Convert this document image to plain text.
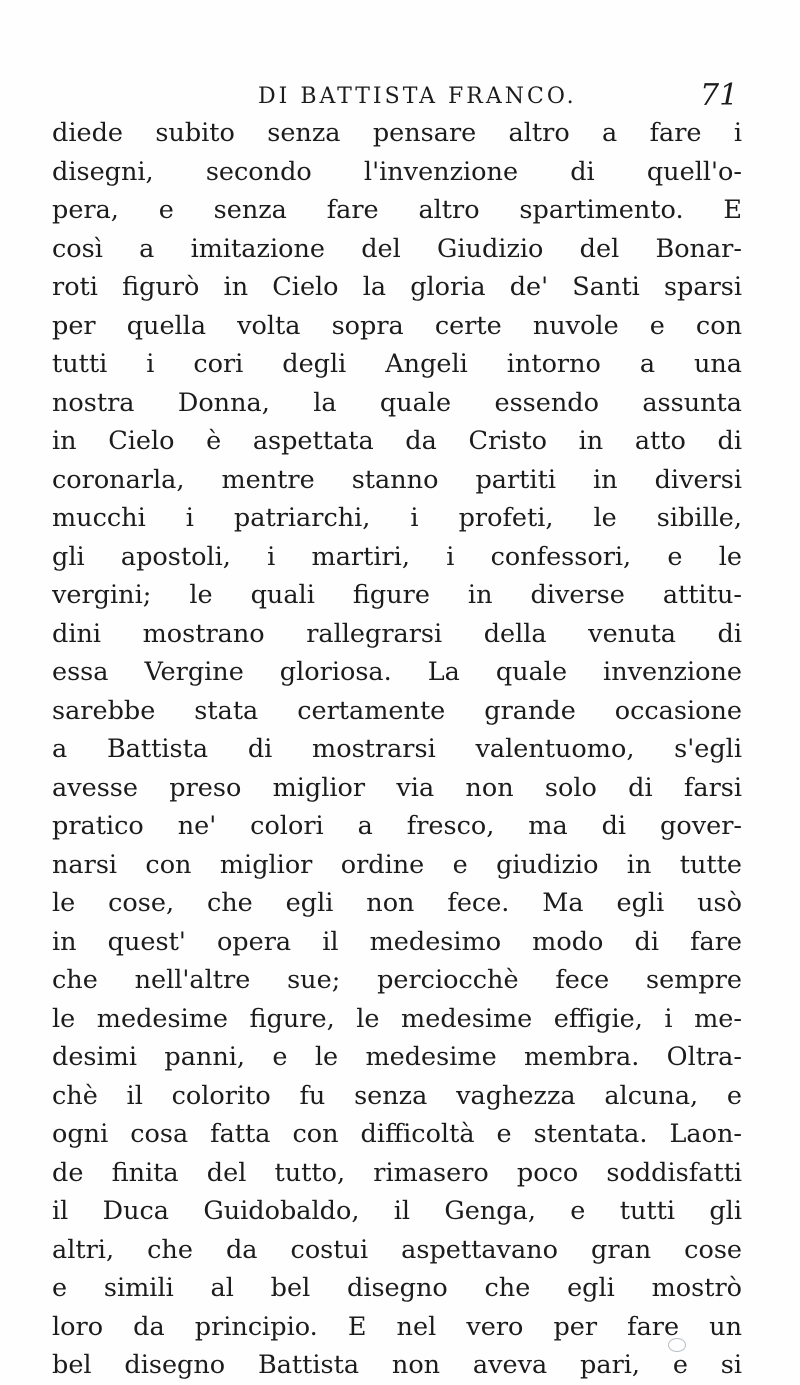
DI BATTISTA FRANCO.	71
diede subito senza pensare altro a fare i
disegni, secondo l'invenzione di quell'o-
pera, e senza fare altro spartimento. E
così a imitazione del Giudizio del Bonar-
roti figurò in Cielo la gloria de' Santi sparsi
per quella volta sopra certe nuvole e con
tutti i cori degli Angeli intorno a una
nostra Donna, la quale essendo assunta
in Cielo è aspettata da Cristo in atto di
coronarla, mentre stanno partiti in diversi
mucchi i patriarchi, i profeti, le sibille,
gli apostoli, i martiri, i confessori, e le
vergini; le quali figure in diverse attitu-
dini mostrano rallegrarsi della venuta di
essa Vergine gloriosa. La quale invenzione
sarebbe stata certamente grande occasione
a Battista di mostrarsi valentuomo, s'egli
avesse preso miglior via non solo di farsi
pratico ne' colori a fresco, ma di gover-
narsi con miglior ordine e giudizio in tutte
le cose, che egli non fece. Ma egli usò
in quest' opera il medesimo modo di fare
che nell'altre sue; perciocchè fece sempre
le medesime figure, le medesime effigie, i me-
desimi panni, e le medesime membra. Oltra-
chè il colorito fu senza vaghezza alcuna, e
ogni cosa fatta con difficoltà e stentata. Laon-
de finita del tutto, rimasero poco soddisfatti
il Duca Guidobaldo, il Genga, e tutti gli
altri, che da costui aspettavano gran cose
e simili al bel disegno che egli mostrò
loro da principio. E nel vero per fare un
bel disegno Battista non aveva pari, e si
